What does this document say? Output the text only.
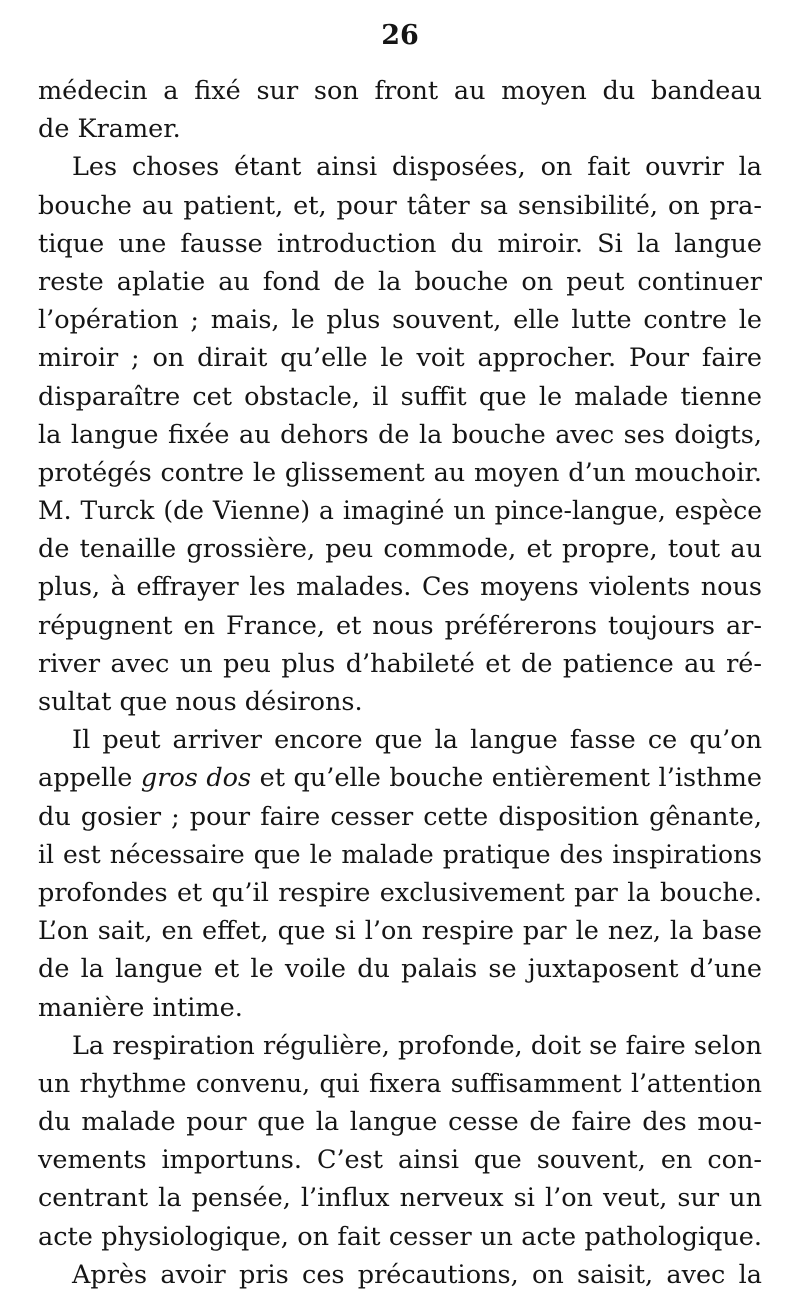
26
médecin a fixé sur son front au moyen du bandeau
de Kramer.
Les choses étant ainsi disposées, on fait ouvrir la
bouche au patient, et, pour tâter sa sensibilité, on pra-
tique une fausse introduction du miroir. Si la langue
reste aplatie au fond de la bouche on peut continuer
l’opération ; mais, le plus souvent, elle lutte contre le
miroir ; on dirait qu’elle le voit approcher. Pour faire
disparaître cet obstacle, il suffit que le malade tienne
la langue fixée au dehors de la bouche avec ses doigts,
protégés contre le glissement au moyen d’un mouchoir.
M. Turck (de Vienne) a imaginé un pince-langue, espèce
de tenaille grossière, peu commode, et propre, tout au
plus, à effrayer les malades. Ces moyens violents nous
répugnent en France, et nous préférerons toujours ar-
river avec un peu plus d’habileté et de patience au ré-
sultat que nous désirons.
Il peut arriver encore que la langue fasse ce qu’on
appelle gros dos et qu’elle bouche entièrement l’isthme
du gosier ; pour faire cesser cette disposition gênante,
il est nécessaire que le malade pratique des inspirations
profondes et qu’il respire exclusivement par la bouche.
L’on sait, en effet, que si l’on respire par le nez, la base
de la langue et le voile du palais se juxtaposent d’une
manière intime.
La respiration régulière, profonde, doit se faire selon
un rhythme convenu, qui fixera suffisamment l’attention
du malade pour que la langue cesse de faire des mou-
vements importuns. C’est ainsi que souvent, en con-
centrant la pensée, l’influx nerveux si l’on veut, sur un
acte physiologique, on fait cesser un acte pathologique.
Après avoir pris ces précautions, on saisit, avec la
